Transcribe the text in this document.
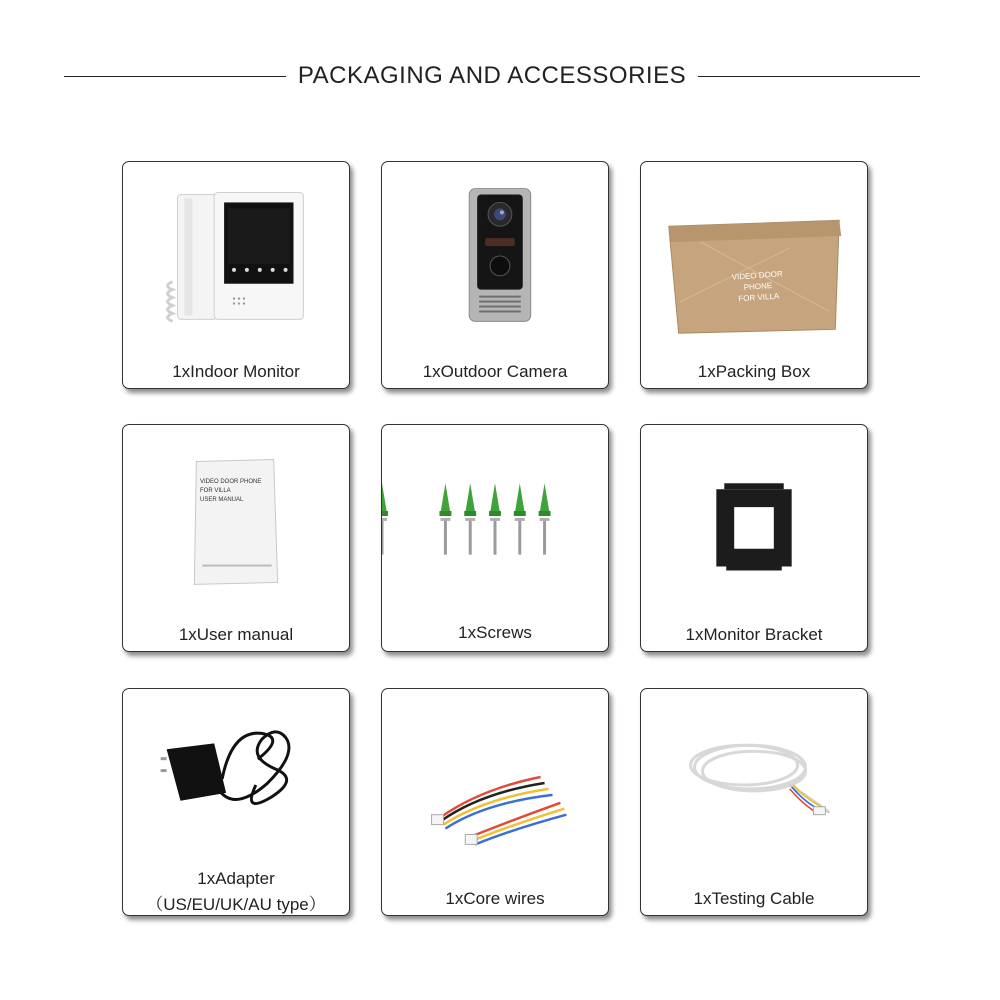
PACKAGING AND ACCESSORIES
1xIndoor Monitor	1xOutdoor Camera	1xPacking Box
1xUser manual	1xScrews	1xMonitor Bracket
1xAdapter
（US/EU/UK/AU type）	1xCore wires	1xTesting Cable
VIDEO DOOR PHONE
FOR VILLA
VIDEO DOOR PHONE
FOR VILLA
USER MANUAL
